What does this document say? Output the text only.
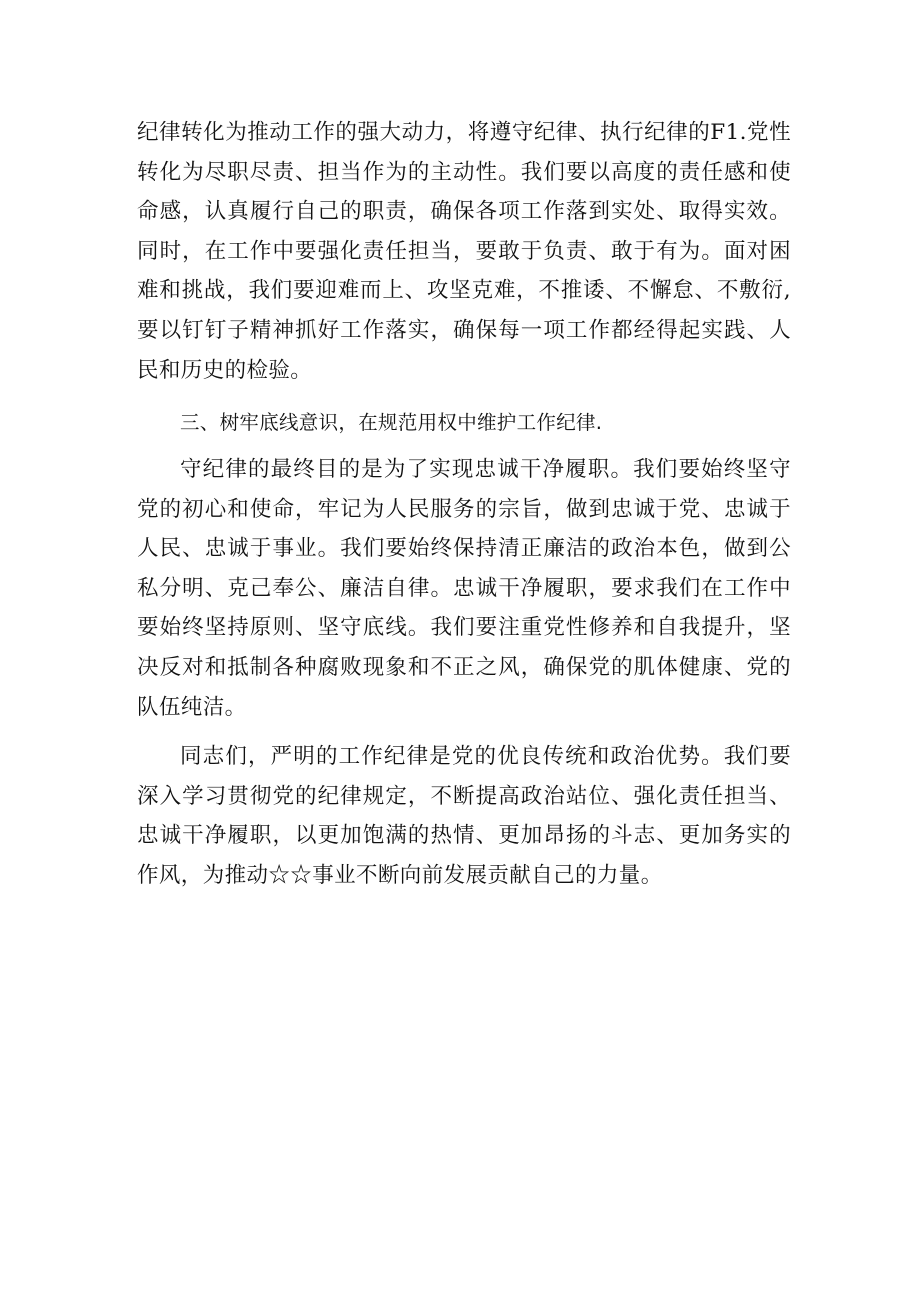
纪律转化为推动工作的强大动力，将遵守纪律、执行纪律的F1.党性转化为尽职尽责、担当作为的主动性。我们要以高度的责任感和使命感，认真履行自己的职责，确保各项工作落到实处、取得实效。同时，在工作中要强化责任担当，要敢于负责、敢于有为。面对困难和挑战，我们要迎难而上、攻坚克难，不推诿、不懈怠、不敷衍,要以钉钉子精神抓好工作落实，确保每一项工作都经得起实践、人民和历史的检验。

三、树牢底线意识，在规范用权中维护工作纪律.

守纪律的最终目的是为了实现忠诚干净履职。我们要始终坚守党的初心和使命，牢记为人民服务的宗旨，做到忠诚于党、忠诚于人民、忠诚于事业。我们要始终保持清正廉洁的政治本色，做到公私分明、克己奉公、廉洁自律。忠诚干净履职，要求我们在工作中要始终坚持原则、坚守底线。我们要注重党性修养和自我提升，坚决反对和抵制各种腐败现象和不正之风，确保党的肌体健康、党的队伍纯洁。

同志们，严明的工作纪律是党的优良传统和政治优势。我们要深入学习贯彻党的纪律规定，不断提高政治站位、强化责任担当、忠诚干净履职，以更加饱满的热情、更加昂扬的斗志、更加务实的作风，为推动☆☆事业不断向前发展贡献自己的力量。
